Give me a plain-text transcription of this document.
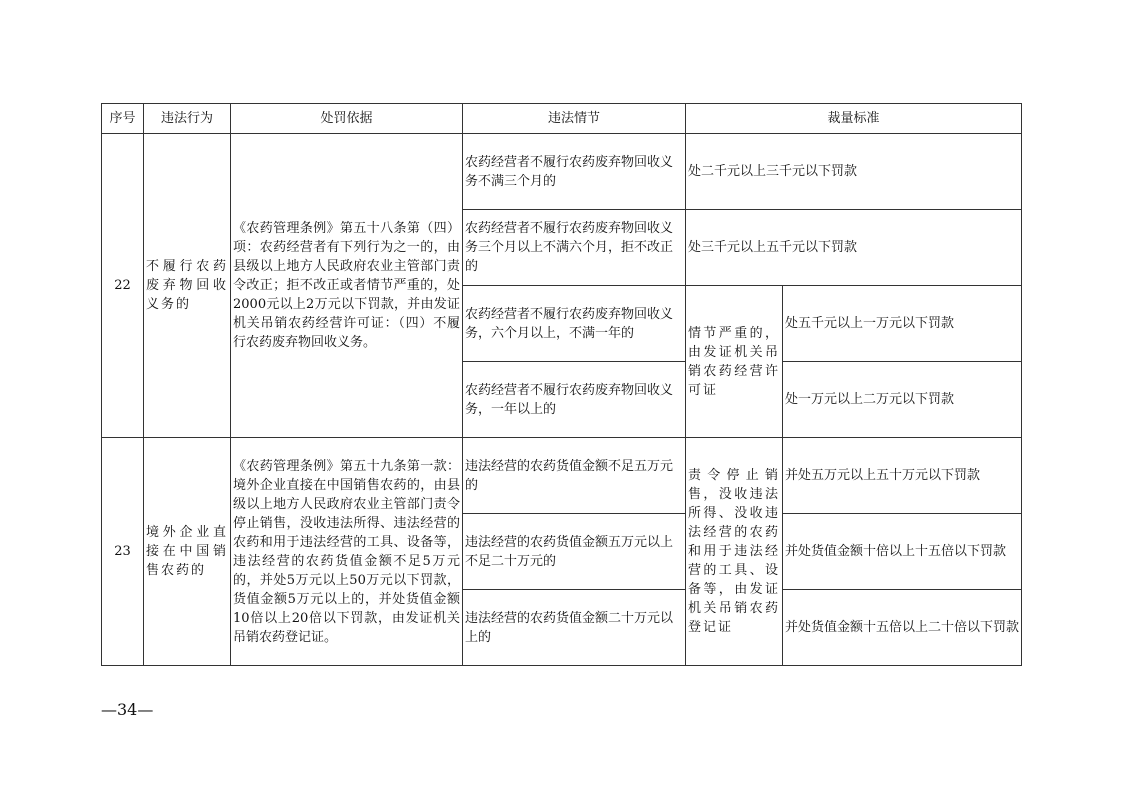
序号	违法行为	处罚依据	违法情节	裁量标准	
22	不履行农药废弃物回收义务的	《农药管理条例》第五十八条第（四）项：农药经营者有下列行为之一的，由县级以上地方人民政府农业主管部门责令改正；拒不改正或者情节严重的，处2000元以上2万元以下罚款，并由发证机关吊销农药经营许可证：（四）不履行农药废弃物回收义务。	农药经营者不履行农药废弃物回收义务不满三个月的	处二千元以上三千元以下罚款	
			农药经营者不履行农药废弃物回收义务三个月以上不满六个月，拒不改正的	处三千元以上五千元以下罚款	
			农药经营者不履行农药废弃物回收义务，六个月以上，不满一年的	情节严重的，由发证机关吊销农药经营许可证	处五千元以上一万元以下罚款
			农药经营者不履行农药废弃物回收义务，一年以上的		处一万元以上二万元以下罚款
23	境外企业直接在中国销售农药的	《农药管理条例》第五十九条第一款：境外企业直接在中国销售农药的，由县级以上地方人民政府农业主管部门责令停止销售，没收违法所得、违法经营的农药和用于违法经营的工具、设备等，违法经营的农药货值金额不足5万元的，并处5万元以上50万元以下罚款，货值金额5万元以上的，并处货值金额10倍以上20倍以下罚款，由发证机关吊销农药登记证。	违法经营的农药货值金额不足五万元的	责令停止销售，没收违法所得、没收违法经营的农药和用于违法经营的工具、设备等，由发证机关吊销农药登记证	并处五万元以上五十万元以下罚款
			违法经营的农药货值金额五万元以上不足二十万元的		并处货值金额十倍以上十五倍以下罚款
			违法经营的农药货值金额二十万元以上的		并处货值金额十五倍以上二十倍以下罚款
—34—
